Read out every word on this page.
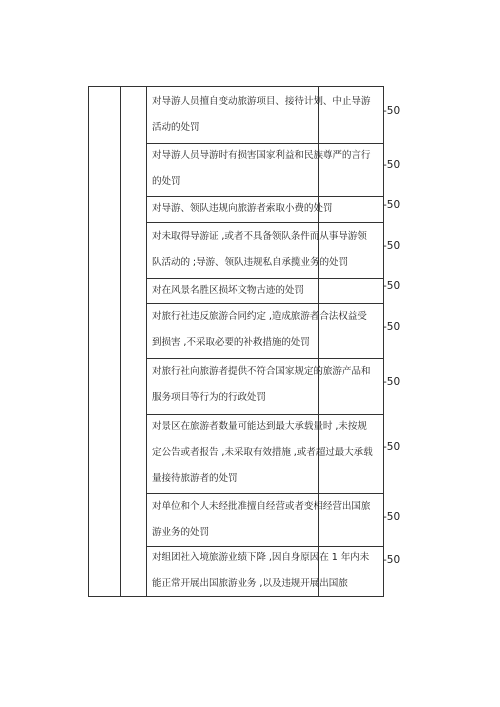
对导游人员擅自变动旅游项目、接待计划、中止导游活动的处罚
-50
对导游人员导游时有损害国家利益和民族尊严的言行的处罚
-50
对导游、领队违规向旅游者索取小费的处罚	-50
对未取得导游证 ,或者不具备领队条件而从事导游领队活动的 ;导游、领队违规私自承揽业务的处罚
-50
对在风景名胜区损坏文物古迹的处罚	-50
对旅行社违反旅游合同约定 ,造成旅游者合法权益受到损害 ,不采取必要的补救措施的处罚
-50
对旅行社向旅游者提供不符合国家规定的旅游产品和服务项目等行为的行政处罚
-50
对景区在旅游者数量可能达到最大承载量时 ,未按规定公告或者报告 ,未采取有效措施 ,或者超过最大承载量接待旅游者的处罚
-50
对单位和个人未经批准擅自经营或者变相经营出国旅游业务的处罚
-50
对组团社入境旅游业绩下降 ,因自身原因在 1 年内未能正常开展出国旅游业务 ,以及违规开展出国旅
-50
